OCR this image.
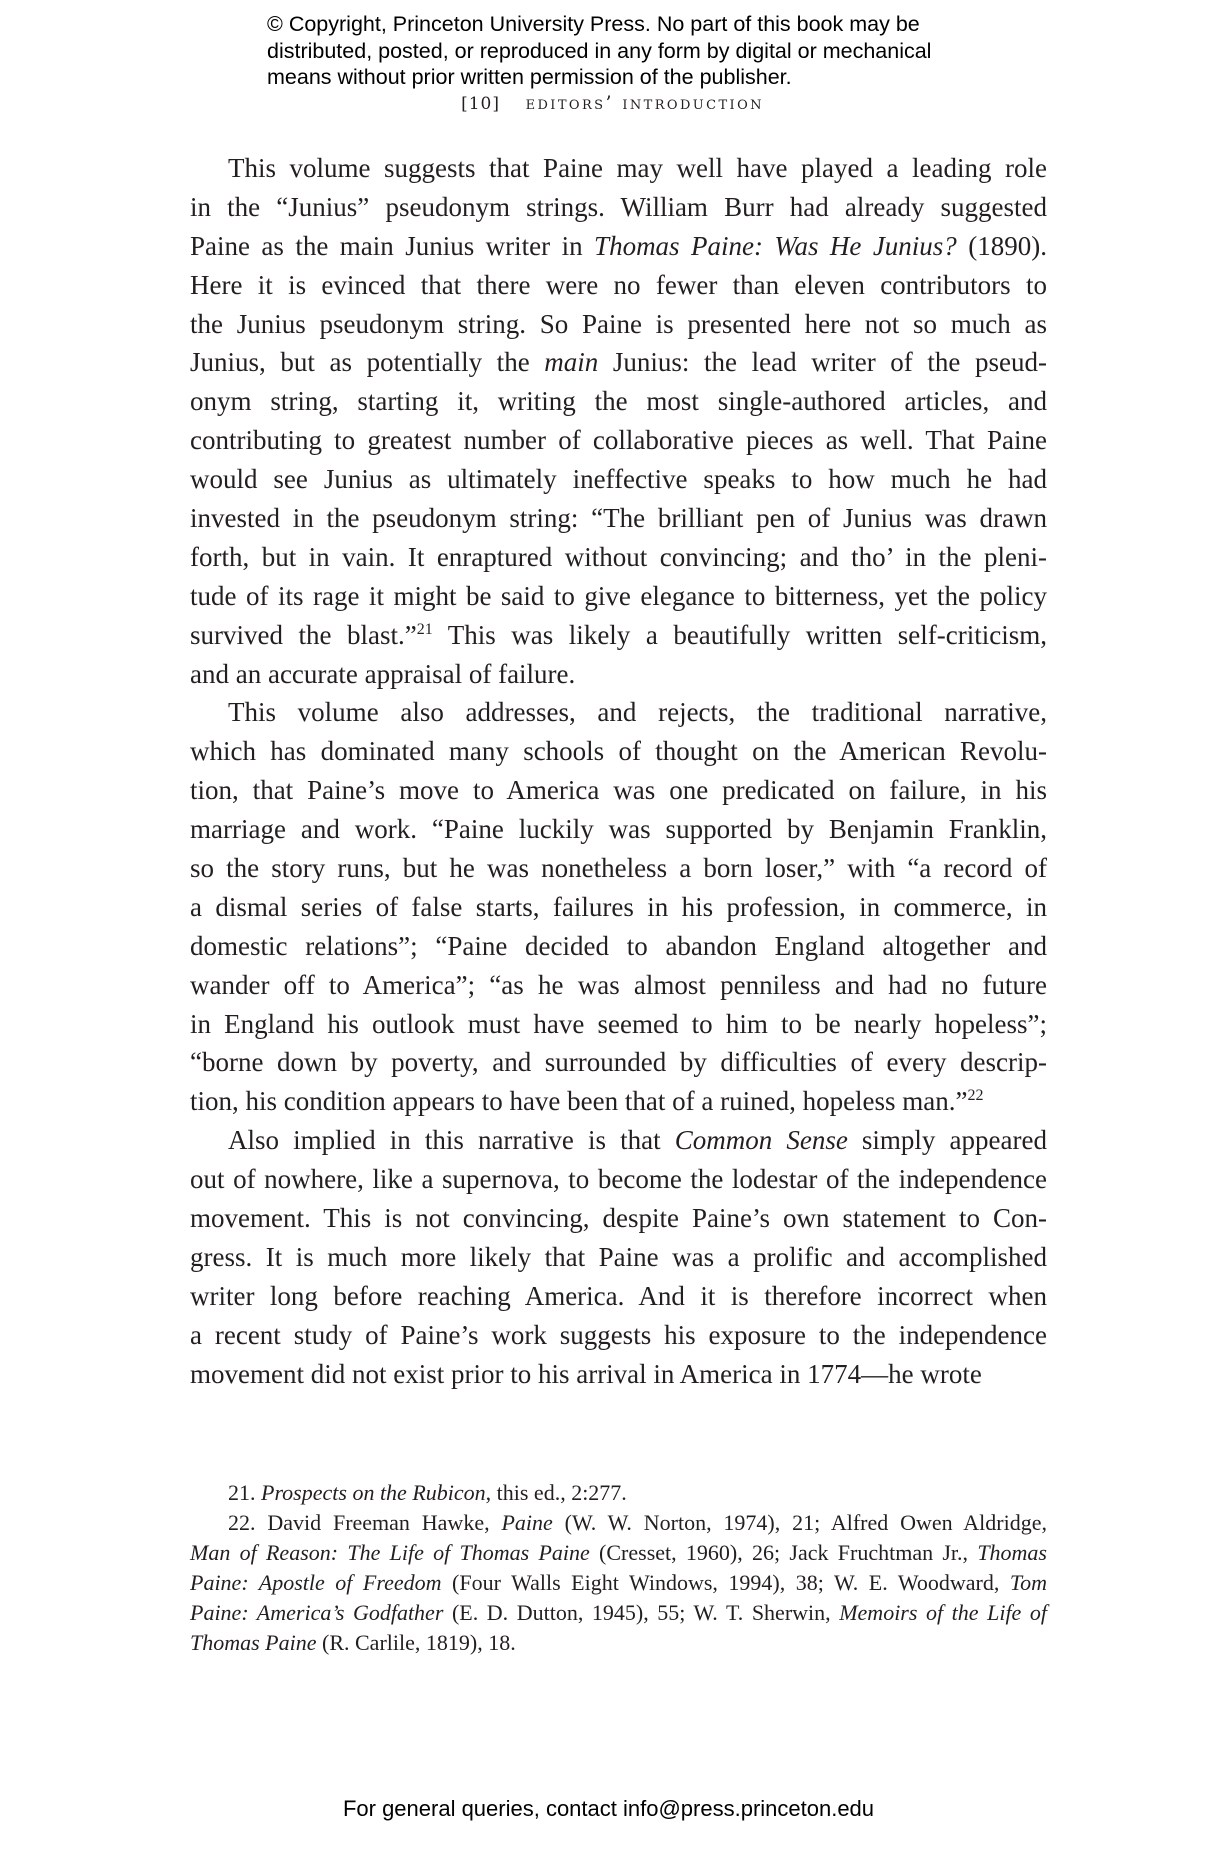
© Copyright, Princeton University Press. No part of this book may be
distributed, posted, or reproduced in any form by digital or mechanical
means without prior written permission of the publisher.
[10] editors’ introduction
This volume suggests that Paine may well have played a leading role
in the “Junius” pseudonym strings. William Burr had already suggested
Paine as the main Junius writer in Thomas Paine: Was He Junius? (1890).
Here it is evinced that there were no fewer than eleven contributors to
the Junius pseudonym string. So Paine is presented here not so much as
Junius, but as potentially the main Junius: the lead writer of the pseud-
onym string, starting it, writing the most single-authored articles, and
contributing to greatest number of collaborative pieces as well. That Paine
would see Junius as ultimately ineffective speaks to how much he had
invested in the pseudonym string: “The brilliant pen of Junius was drawn
forth, but in vain. It enraptured without convincing; and tho’ in the pleni-
tude of its rage it might be said to give elegance to bitterness, yet the policy
survived the blast.”$^{21}$ This was likely a beautifully written self-criticism,
and an accurate appraisal of failure.
This volume also addresses, and rejects, the traditional narrative,
which has dominated many schools of thought on the American Revolu-
tion, that Paine’s move to America was one predicated on failure, in his
marriage and work. “Paine luckily was supported by Benjamin Franklin,
so the story runs, but he was nonetheless a born loser,” with “a record of
a dismal series of false starts, failures in his profession, in commerce, in
domestic relations”; “Paine decided to abandon England altogether and
wander off to America”; “as he was almost penniless and had no future
in England his outlook must have seemed to him to be nearly hopeless”;
“borne down by poverty, and surrounded by difficulties of every descrip-
tion, his condition appears to have been that of a ruined, hopeless man.”$^{22}$
Also implied in this narrative is that Common Sense simply appeared
out of nowhere, like a supernova, to become the lodestar of the independence
movement. This is not convincing, despite Paine’s own statement to Con-
gress. It is much more likely that Paine was a prolific and accomplished
writer long before reaching America. And it is therefore incorrect when
a recent study of Paine’s work suggests his exposure to the independence
movement did not exist prior to his arrival in America in 1774—he wrote
21. Prospects on the Rubicon, this ed., 2:277.
22. David Freeman Hawke, Paine (W. W. Norton, 1974), 21; Alfred Owen Aldridge,
Man of Reason: The Life of Thomas Paine (Cresset, 1960), 26; Jack Fruchtman Jr., Thomas
Paine: Apostle of Freedom (Four Walls Eight Windows, 1994), 38; W. E. Woodward, Tom
Paine: America’s Godfather (E. D. Dutton, 1945), 55; W. T. Sherwin, Memoirs of the Life of
Thomas Paine (R. Carlile, 1819), 18.
For general queries, contact info@press.princeton.edu
